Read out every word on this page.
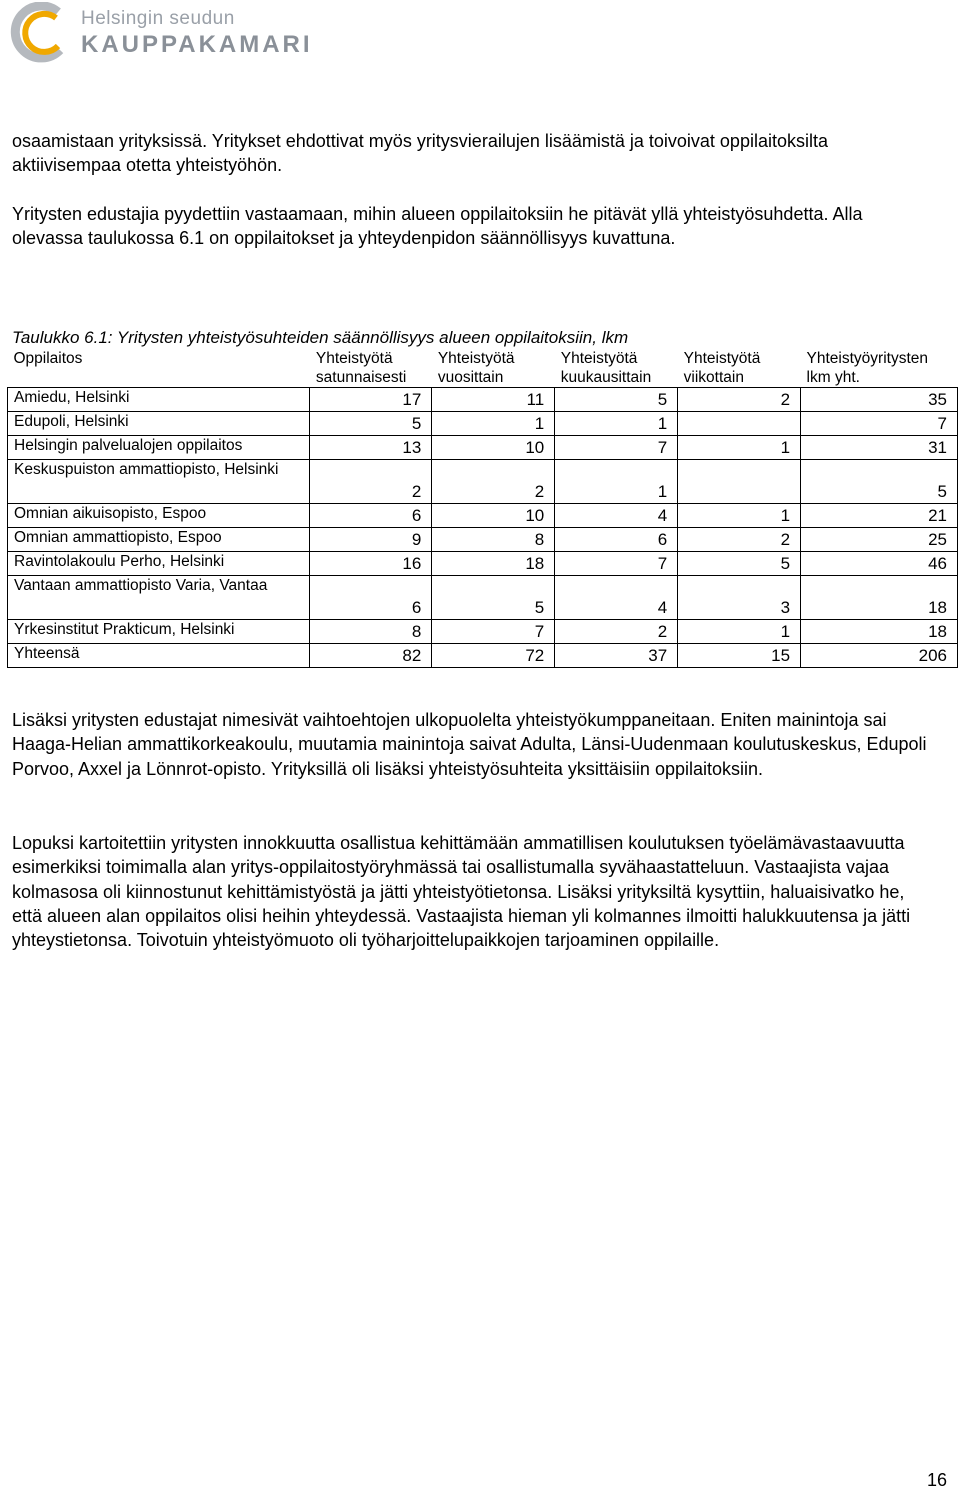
Helsingin seudun
KAUPPAKAMARI

osaamistaan yrityksissä. Yritykset ehdottivat myös yritysvierailujen lisäämistä ja toivoivat oppilaitoksilta aktiivisempaa otetta yhteistyöhön.

Yritysten edustajia pyydettiin vastaamaan, mihin alueen oppilaitoksiin he pitävät yllä yhteistyösuhdetta. Alla olevassa taulukossa 6.1 on oppilaitokset ja yhteydenpidon säännöllisyys kuvattuna.

Taulukko 6.1: Yritysten yhteistyösuhteiden säännöllisyys alueen oppilaitoksiin, lkm
Oppilaitos	Yhteistyötä satunnaisesti	Yhteistyötä vuosittain	Yhteistyötä kuukausittain	Yhteistyötä viikottain	Yhteistyöyritysten lkm yht.
Amiedu, Helsinki	17	11	5	2	35
Edupoli, Helsinki	5	1	1		7
Helsingin palvelualojen oppilaitos	13	10	7	1	31
Keskuspuiston ammattiopisto, Helsinki	2	2	1		5
Omnian aikuisopisto, Espoo	6	10	4	1	21
Omnian ammattiopisto, Espoo	9	8	6	2	25
Ravintolakoulu Perho, Helsinki	16	18	7	5	46
Vantaan ammattiopisto Varia, Vantaa	6	5	4	3	18
Yrkesinstitut Prakticum, Helsinki	8	7	2	1	18
Yhteensä	82	72	37	15	206

Lisäksi yritysten edustajat nimesivät vaihtoehtojen ulkopuolelta yhteistyökumppaneitaan. Eniten mainintoja sai Haaga-Helian ammattikorkeakoulu, muutamia mainintoja saivat Adulta, Länsi-Uudenmaan koulutuskeskus, Edupoli Porvoo, Axxel ja Lönnrot-opisto. Yrityksillä oli lisäksi yhteistyösuhteita yksittäisiin oppilaitoksiin.

Lopuksi kartoitettiin yritysten innokkuutta osallistua kehittämään ammatillisen koulutuksen työelämävastaavuutta esimerkiksi toimimalla alan yritys-oppilaitostyöryhmässä tai osallistumalla syvähaastatteluun. Vastaajista vajaa kolmasosa oli kiinnostunut kehittämistyöstä ja jätti yhteistyötietonsa. Lisäksi yrityksiltä kysyttiin, haluaisivatko he, että alueen alan oppilaitos olisi heihin yhteydessä. Vastaajista hieman yli kolmannes ilmoitti halukkuutensa ja jätti yhteystietonsa. Toivotuin yhteistyömuoto oli työharjoittelupaikkojen tarjoaminen oppilaille.

16
